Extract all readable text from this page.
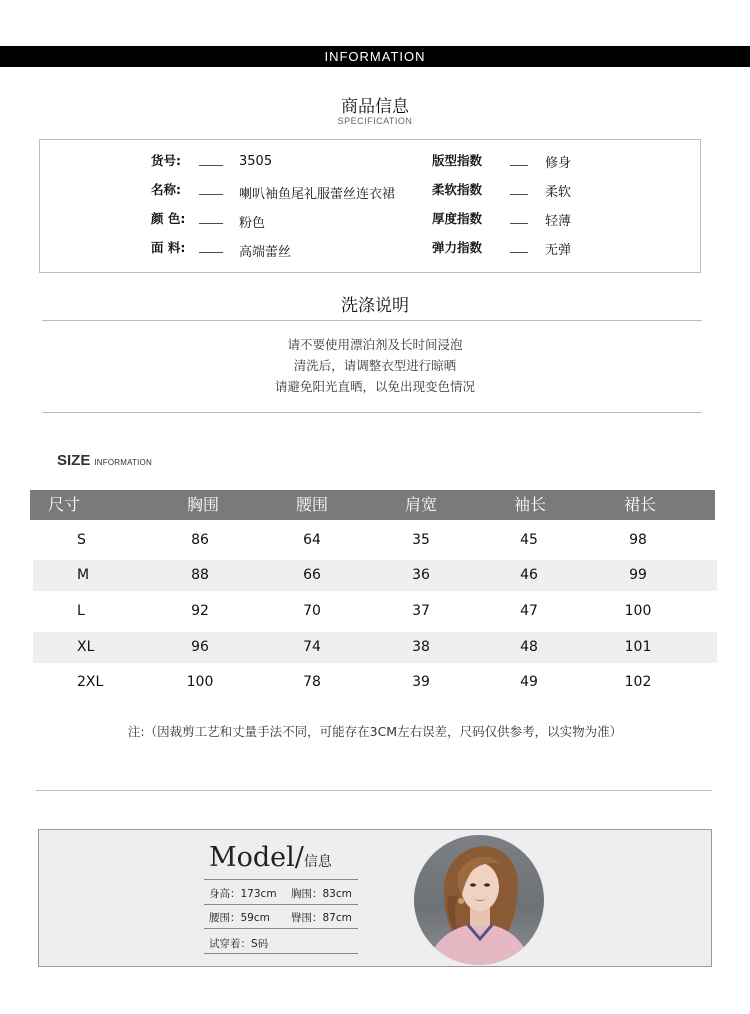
INFORMATION
商品信息
SPECIFICATION
货号: ____ 3505
名称: ____ 喇叭袖鱼尾礼服蕾丝连衣裙
颜 色: ____ 粉色
面 料: ____ 高端蕾丝
版型指数 ___ 修身
柔软指数 ___ 柔软
厚度指数 ___ 轻薄
弹力指数 ___ 无弹
洗涤说明
请不要使用漂泊剂及长时间浸泡
清洗后，请调整衣型进行晾晒
请避免阳光直晒，以免出现变色情况
SIZE INFORMATION
尺寸	胸围	腰围	肩宽	袖长	裙长
S	86	64	35	45	98
M	88	66	36	46	99
L	92	70	37	47	100
XL	96	74	38	48	101
2XL	100	78	39	49	102
注:（因裁剪工艺和丈量手法不同，可能存在3CM左右误差，尺码仅供参考，以实物为准）
Model/信息
身高：173cm 胸围：83cm
腰围：59cm 臀围：87cm
试穿着：S码
